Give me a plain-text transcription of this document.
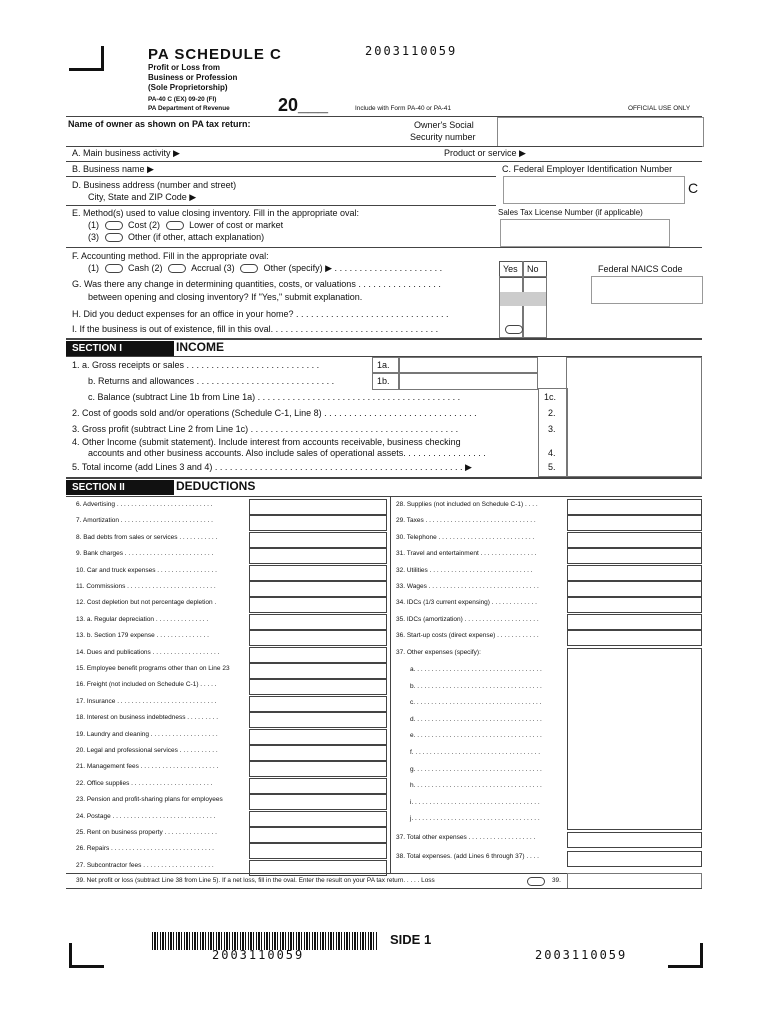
2003110059
PA SCHEDULE C
Profit or Loss from
Business or Profession
(Sole Proprietorship)
PA-40 C (EX) 09-20 (FI)
PA Department of Revenue	20___	Include with Form PA-40 or PA-41	OFFICIAL USE ONLY
Name of owner as shown on PA tax return:	Owner's Social
Security number
A. Main business activity ▶	Product or service ▶
B. Business name ▶	C. Federal Employer Identification Number
D. Business address (number and street)
City, State and ZIP Code ▶
C
E. Method(s) used to value closing inventory. Fill in the appropriate oval:
(1)	Cost (2)	Lower of cost or market
(3)	Other (if other, attach explanation)
Sales Tax License Number (if applicable)
F. Accounting method. Fill in the appropriate oval:
(1)	Cash (2)	Accrual (3)	Other (specify) ▶ . . . . . . . . . . . . . . . . . . . . . .	Yes No	Federal NAICS Code
G. Was there any change in determining quantities, costs, or valuations . . . . . . . . . . . . . . . . .
between opening and closing inventory? If "Yes," submit explanation.
H. Did you deduct expenses for an office in your home? . . . . . . . . . . . . . . . . . . . . . . . . . . . . . . .
I. If the business is out of existence, fill in this oval. . . . . . . . . . . . . . . . . . . . . . . . . . . . . . . . . .
SECTION I	INCOME
1. a. Gross receipts or sales . . . . . . . . . . . . . . . . . . . . . . . . . . .	1a.
b. Returns and allowances . . . . . . . . . . . . . . . . . . . . . . . . . . . .	1b.
c. Balance (subtract Line 1b from Line 1a) . . . . . . . . . . . . . . . . . . . . . . . . . . . . . . . . . . . . . . . . .	1c.
2. Cost of goods sold and/or operations (Schedule C-1, Line 8) . . . . . . . . . . . . . . . . . . . . . . . . . . . . . . .	2.
3. Gross profit (subtract Line 2 from Line 1c) . . . . . . . . . . . . . . . . . . . . . . . . . . . . . . . . . . . . . . . . . .	3.
4. Other Income (submit statement). Include interest from accounts receivable, business checking
accounts and other business accounts. Also include sales of operational assets. . . . . . . . . . . . . . . . .	4.
5. Total income (add Lines 3 and 4) . . . . . . . . . . . . . . . . . . . . . . . . . . . . . . . . . . . . . . . . . . . . . . . . . . ▶	5.
SECTION II	DEDUCTIONS
6. Advertising . . . . . . . . . . . . . . . . . . . . . . . . . . .
7. Amortization . . . . . . . . . . . . . . . . . . . . . . . . . .
8. Bad debts from sales or services . . . . . . . . . . .
9. Bank charges . . . . . . . . . . . . . . . . . . . . . . . . .
10. Car and truck expenses . . . . . . . . . . . . . . . . .
11. Commissions . . . . . . . . . . . . . . . . . . . . . . . . .
12. Cost depletion but not percentage depletion .
13. a. Regular depreciation . . . . . . . . . . . . . . .
13. b. Section 179 expense . . . . . . . . . . . . . . .
14. Dues and publications . . . . . . . . . . . . . . . . . . .
15. Employee benefit programs other than on Line 23
16. Freight (not included on Schedule C-1) . . . . .
17. Insurance . . . . . . . . . . . . . . . . . . . . . . . . . . . .
18. Interest on business indebtedness . . . . . . . . .
19. Laundry and cleaning . . . . . . . . . . . . . . . . . . .
20. Legal and professional services . . . . . . . . . . .
21. Management fees . . . . . . . . . . . . . . . . . . . . . .
22. Office supplies . . . . . . . . . . . . . . . . . . . . . . .
23. Pension and profit-sharing plans for employees
24. Postage . . . . . . . . . . . . . . . . . . . . . . . . . . . . .
25. Rent on business property . . . . . . . . . . . . . . .
26. Repairs . . . . . . . . . . . . . . . . . . . . . . . . . . . . .
27. Subcontractor fees . . . . . . . . . . . . . . . . . . . .
28. Supplies (not included on Schedule C-1) . . . .
29. Taxes . . . . . . . . . . . . . . . . . . . . . . . . . . . . . . .
30. Telephone . . . . . . . . . . . . . . . . . . . . . . . . . . .
31. Travel and entertainment . . . . . . . . . . . . . . . .
32. Utilities . . . . . . . . . . . . . . . . . . . . . . . . . . . . .
33. Wages . . . . . . . . . . . . . . . . . . . . . . . . . . . . . . .
34. IDCs (1/3 current expensing) . . . . . . . . . . . . .
35. IDCs (amortization) . . . . . . . . . . . . . . . . . . . . .
36. Start-up costs (direct expense) . . . . . . . . . . . .
37. Other expenses (specify):
a. . . . . . . . . . . . . . . . . . . . . . . . . . . . . . . . . . . .
b. . . . . . . . . . . . . . . . . . . . . . . . . . . . . . . . . . . .
c. . . . . . . . . . . . . . . . . . . . . . . . . . . . . . . . . . . .
d. . . . . . . . . . . . . . . . . . . . . . . . . . . . . . . . . . . .
e. . . . . . . . . . . . . . . . . . . . . . . . . . . . . . . . . . . .
f. . . . . . . . . . . . . . . . . . . . . . . . . . . . . . . . . . . .
g. . . . . . . . . . . . . . . . . . . . . . . . . . . . . . . . . . . .
h. . . . . . . . . . . . . . . . . . . . . . . . . . . . . . . . . . . .
i. . . . . . . . . . . . . . . . . . . . . . . . . . . . . . . . . . . .
j. . . . . . . . . . . . . . . . . . . . . . . . . . . . . . . . . . . .
37. Total other expenses . . . . . . . . . . . . . . . . . . .
38. Total expenses. (add Lines 6 through 37) . . . .
39. Net profit or loss (subtract Line 38 from Line 5). If a net loss, fill in the oval. Enter the result on your PA tax return. . . . . Loss	39.
2003110059
SIDE 1
2003110059
